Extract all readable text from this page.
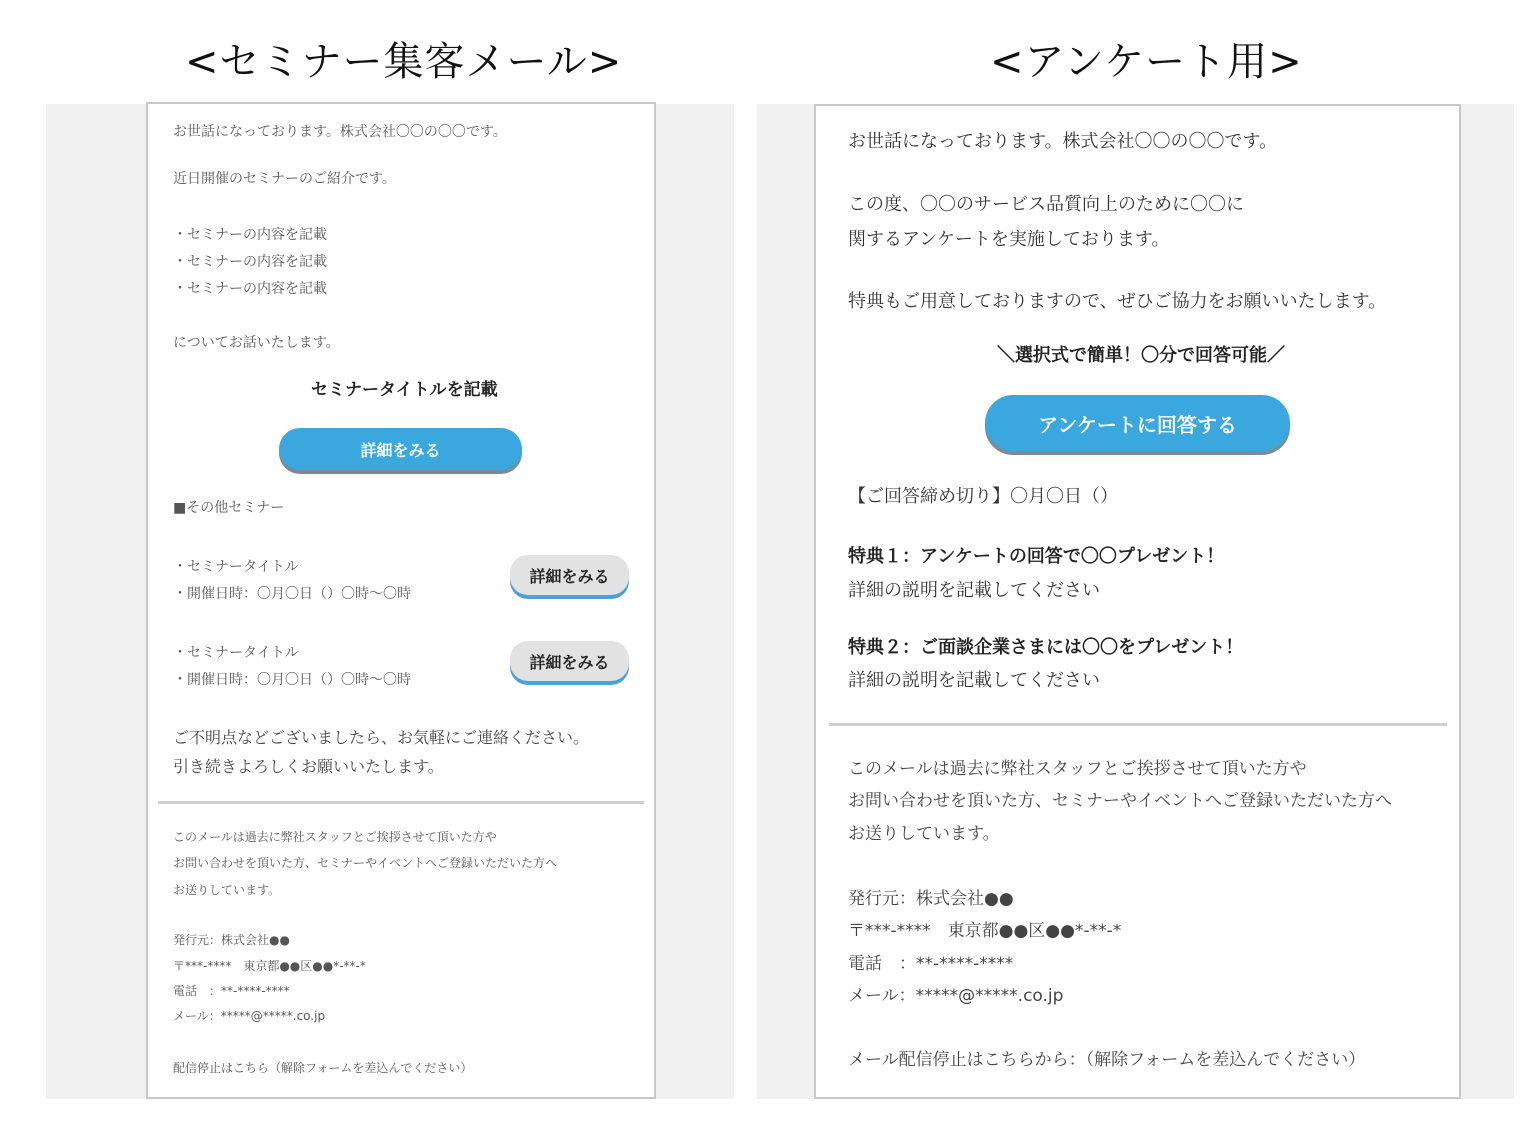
<セミナー集客メール>	<アンケート用>
お世話になっております。株式会社〇〇の〇〇です。
近日開催のセミナーのご紹介です。
・セミナーの内容を記載
・セミナーの内容を記載
・セミナーの内容を記載
についてお話いたします。
セミナータイトルを記載
詳細をみる
■その他セミナー
・セミナータイトル
・開催日時：〇月〇日（）〇時～〇時
詳細をみる
・セミナータイトル
・開催日時：〇月〇日（）〇時～〇時
詳細をみる
ご不明点などございましたら、お気軽にご連絡ください。
引き続きよろしくお願いいたします。
このメールは過去に弊社スタッフとご挨拶させて頂いた方や
お問い合わせを頂いた方、セミナーやイベントへご登録いただいた方へ
お送りしています。
発行元：株式会社●●
〒***-****　東京都●●区●●*-**-*
電話　：**-****-****
メール：*****@*****.co.jp
配信停止はこちら（解除フォームを差込んでください）
お世話になっております。株式会社〇〇の〇〇です。
この度、〇〇のサービス品質向上のために〇〇に
関するアンケートを実施しております。
特典もご用意しておりますので、ぜひご協力をお願いいたします。
＼選択式で簡単！〇分で回答可能／
アンケートに回答する
【ご回答締め切り】〇月〇日（）
特典１：アンケートの回答で〇〇プレゼント！
詳細の説明を記載してください
特典２：ご面談企業さまには〇〇をプレゼント！
詳細の説明を記載してください
このメールは過去に弊社スタッフとご挨拶させて頂いた方や
お問い合わせを頂いた方、セミナーやイベントへご登録いただいた方へ
お送りしています。
発行元：株式会社●●
〒***-****　東京都●●区●●*-**-*
電話　：**-****-****
メール：*****@*****.co.jp
メール配信停止はこちらから：（解除フォームを差込んでください）
